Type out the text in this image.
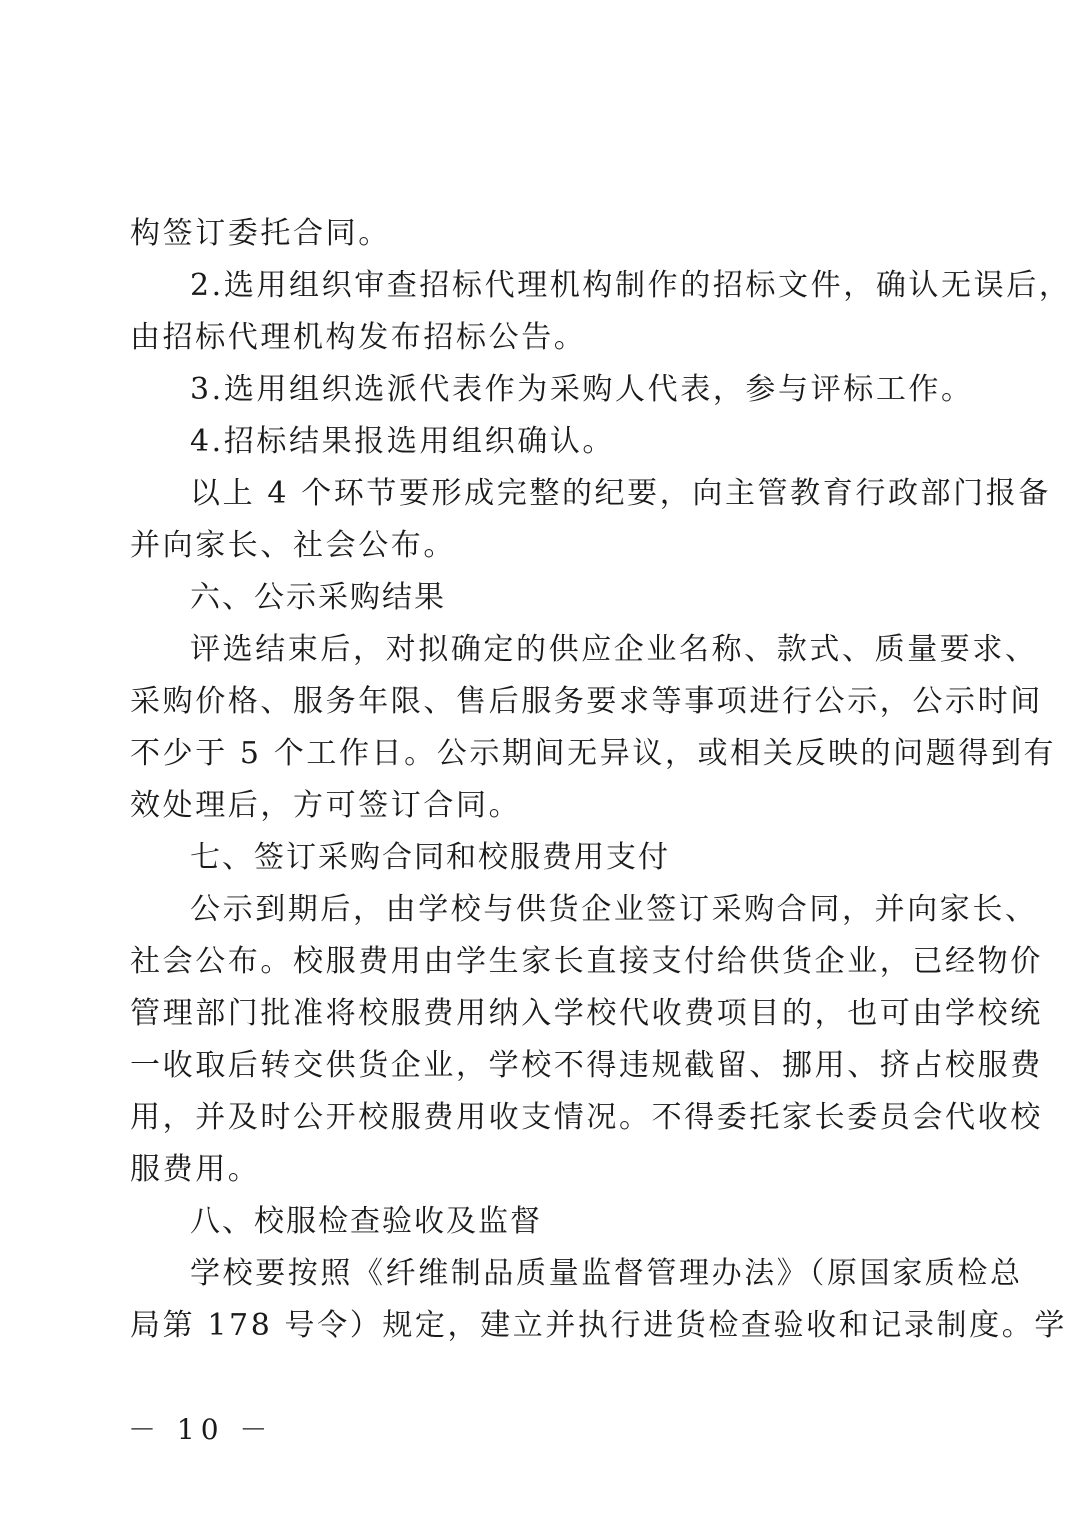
构签订委托合同。
2.选用组织审查招标代理机构制作的招标文件，确认无误后，
由招标代理机构发布招标公告。
3.选用组织选派代表作为采购人代表，参与评标工作。
4.招标结果报选用组织确认。
以上 4 个环节要形成完整的纪要，向主管教育行政部门报备
并向家长、社会公布。
六、公示采购结果
评选结束后，对拟确定的供应企业名称、款式、质量要求、
采购价格、服务年限、售后服务要求等事项进行公示，公示时间
不少于 5 个工作日。公示期间无异议，或相关反映的问题得到有
效处理后，方可签订合同。
七、签订采购合同和校服费用支付
公示到期后，由学校与供货企业签订采购合同，并向家长、
社会公布。校服费用由学生家长直接支付给供货企业，已经物价
管理部门批准将校服费用纳入学校代收费项目的，也可由学校统
一收取后转交供货企业，学校不得违规截留、挪用、挤占校服费
用，并及时公开校服费用收支情况。不得委托家长委员会代收校
服费用。
八、校服检查验收及监督
学校要按照《纤维制品质量监督管理办法》（原国家质检总
局第 178 号令）规定，建立并执行进货检查验收和记录制度。学
－ 10 －
